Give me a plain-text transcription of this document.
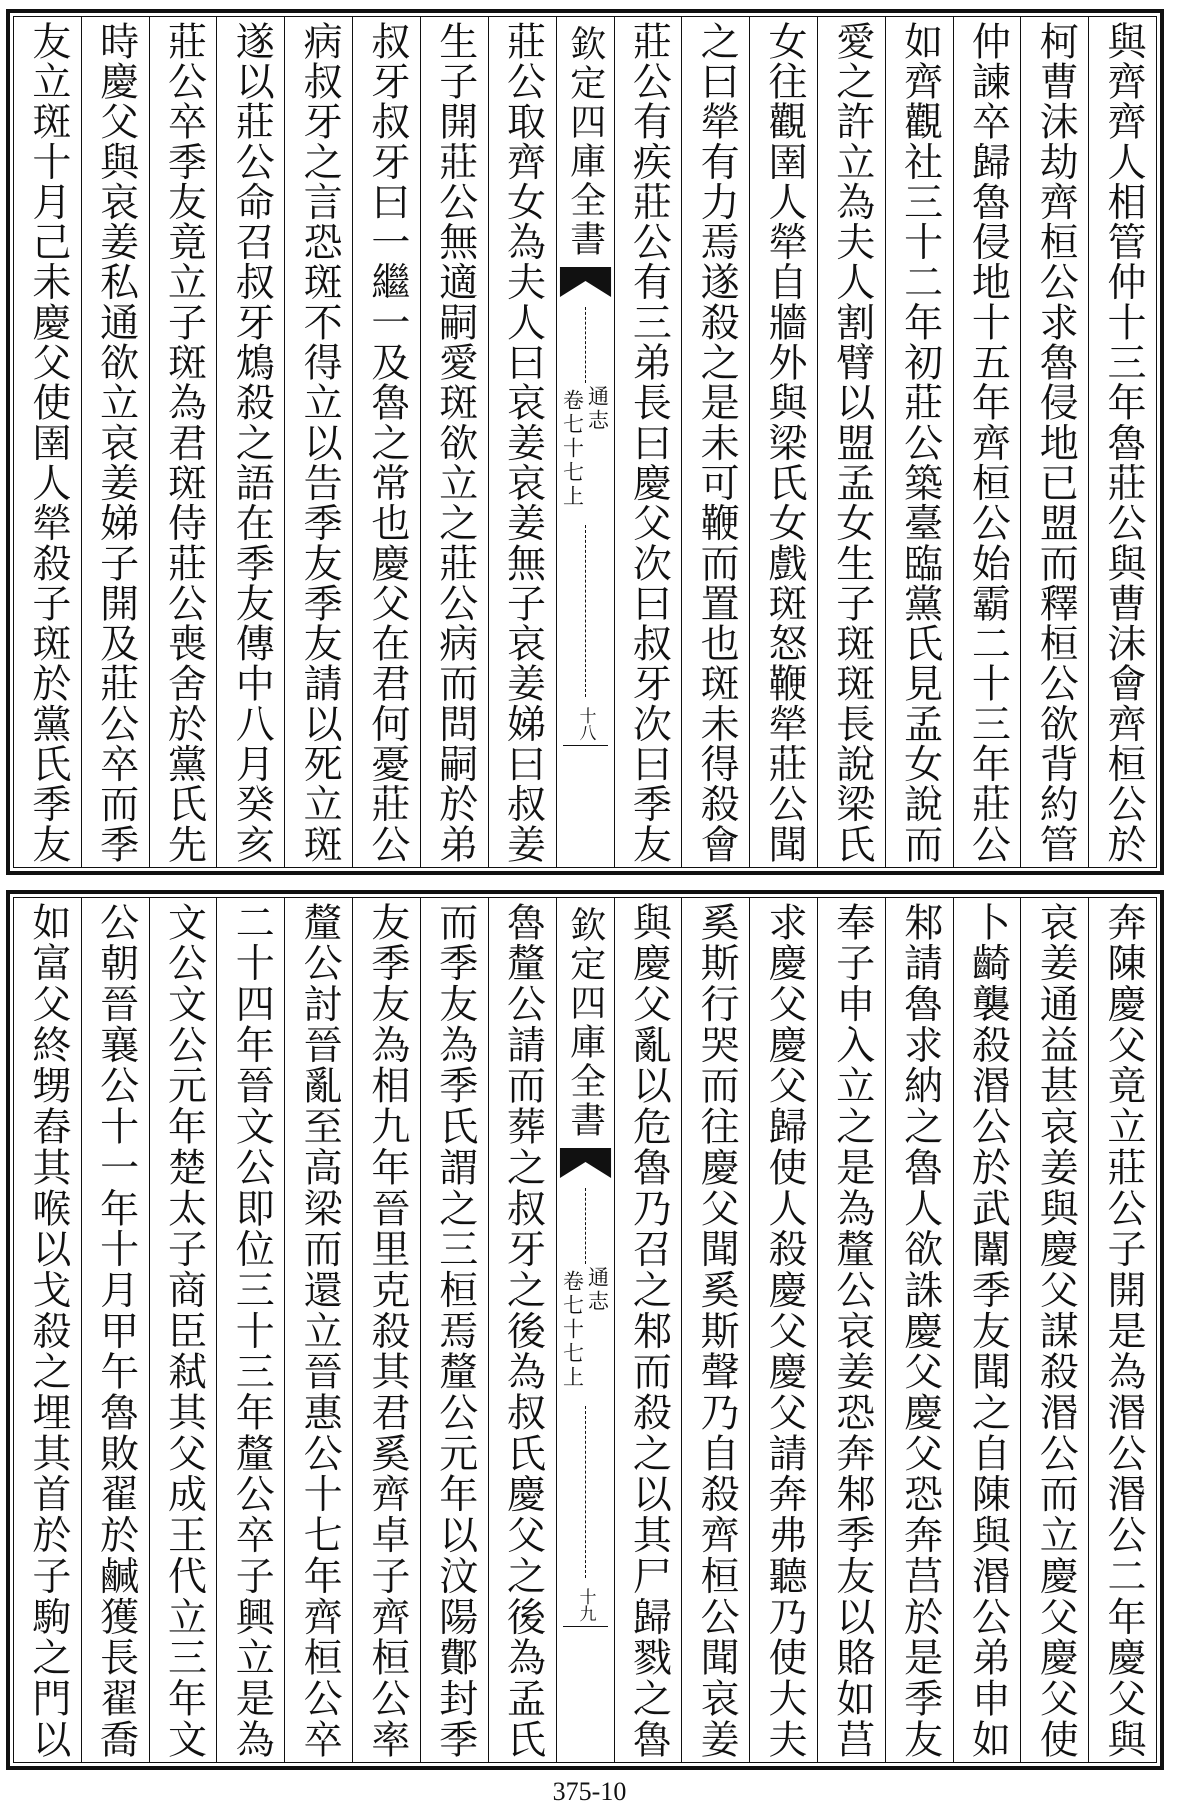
與齊齊人相管仲十三年魯莊公與曹沫會齊桓公於
柯曹沫劫齊桓公求魯侵地已盟而釋桓公欲背約管
仲諫卒歸魯侵地十五年齊桓公始霸二十三年莊公
如齊觀社三十二年初莊公築臺臨黨氏見孟女說而
愛之許立為夫人割臂以盟孟女生子斑斑長說梁氏
女往觀圉人犖自牆外與梁氏女戲斑怒鞭犖莊公聞
之曰犖有力焉遂殺之是未可鞭而置也斑未得殺會
莊公有疾莊公有三弟長曰慶父次曰叔牙次曰季友
欽定四庫全書
通志
卷七十七上
十八
莊公取齊女為夫人曰哀姜哀姜無子哀姜娣曰叔姜
生子開莊公無適嗣愛斑欲立之莊公病而問嗣於弟
叔牙叔牙曰一繼一及魯之常也慶父在君何憂莊公
病叔牙之言恐斑不得立以告季友季友請以死立斑
遂以莊公命召叔牙鴆殺之語在季友傳中八月癸亥
莊公卒季友竟立子斑為君斑侍莊公喪舍於黨氏先
時慶父與哀姜私通欲立哀姜娣子開及莊公卒而季
友立斑十月己未慶父使圉人犖殺子斑於黨氏季友
奔陳慶父竟立莊公子開是為湣公湣公二年慶父與
哀姜通益甚哀姜與慶父謀殺湣公而立慶父慶父使
卜齮襲殺湣公於武闈季友聞之自陳與湣公弟申如
邾請魯求納之魯人欲誅慶父慶父恐奔莒於是季友
奉子申入立之是為釐公哀姜恐奔邾季友以賂如莒
求慶父慶父歸使人殺慶父慶父請奔弗聽乃使大夫
奚斯行哭而往慶父聞奚斯聲乃自殺齊桓公聞哀姜
與慶父亂以危魯乃召之邾而殺之以其尸歸戮之魯
欽定四庫全書
通志
卷七十七上
十九
魯釐公請而葬之叔牙之後為叔氏慶父之後為孟氏
而季友為季氏謂之三桓焉釐公元年以汶陽鄪封季
友季友為相九年晉里克殺其君奚齊卓子齊桓公率
釐公討晉亂至高梁而還立晉惠公十七年齊桓公卒
二十四年晉文公即位三十三年釐公卒子興立是為
文公文公元年楚太子商臣弒其父成王代立三年文
公朝晉襄公十一年十月甲午魯敗翟於鹹獲長翟喬
如富父終甥舂其喉以戈殺之埋其首於子駒之門以
375-10
